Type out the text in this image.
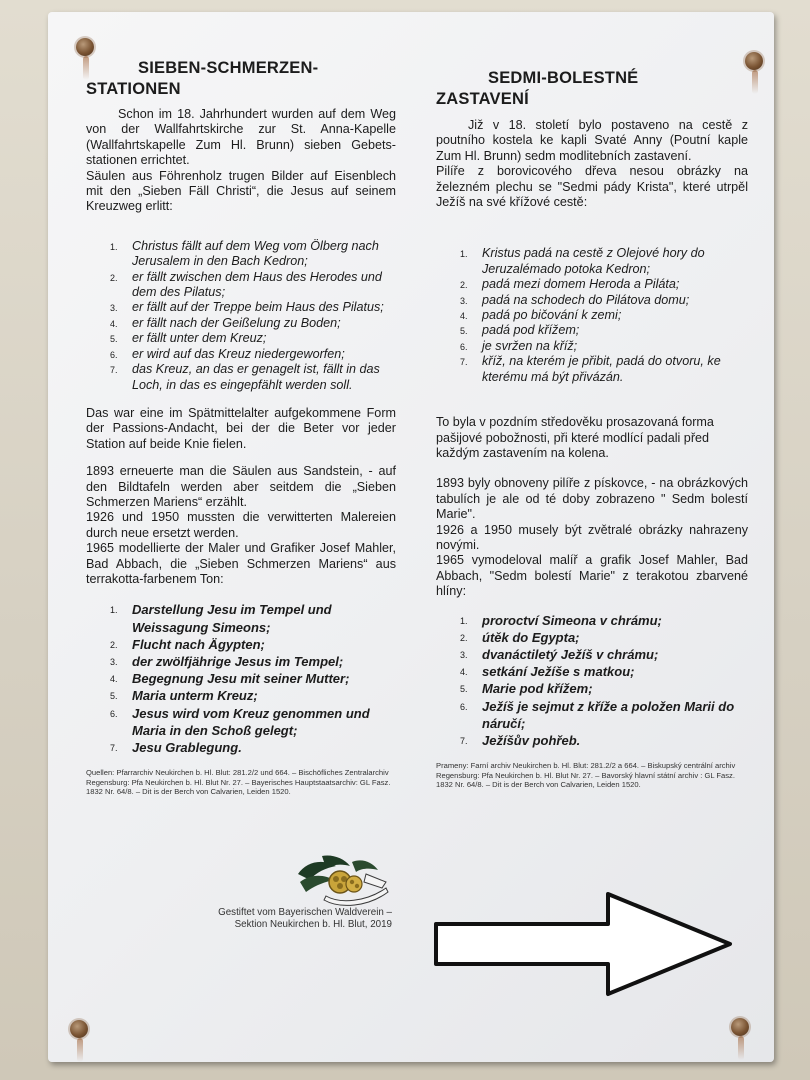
SIEBEN-SCHMERZEN-
STATIONEN

Schon im 18. Jahrhundert wurden auf dem Weg von der Wallfahrtskirche zur St. Anna-Kapelle (Wallfahrtskapelle Zum Hl. Brunn) sieben Gebets-stationen errichtet.

Säulen aus Föhrenholz trugen Bilder auf Eisenblech mit den „Sieben Fäll Christi“, die Jesus auf seinem Kreuzweg erlitt:

1. Christus fällt auf dem Weg vom Ölberg nach Jerusalem in den Bach Kedron;
2. er fällt zwischen dem Haus des Herodes und dem des Pilatus;
3. er fällt auf der Treppe beim Haus des Pilatus;
4. er fällt nach der Geißelung zu Boden;
5. er fällt unter dem Kreuz;
6. er wird auf das Kreuz niedergeworfen;
7. das Kreuz, an das er genagelt ist, fällt in das Loch, in das es eingepfählt werden soll.

Das war eine im Spätmittelalter aufgekommene Form der Passions-Andacht, bei der die Beter vor jeder Station auf beide Knie fielen.

1893 erneuerte man die Säulen aus Sandstein, - auf den Bildtafeln werden aber seitdem die „Sieben Schmerzen Mariens“ erzählt.

1926 und 1950 mussten die verwitterten Malereien durch neue ersetzt werden.

1965 modellierte der Maler und Grafiker Josef Mahler, Bad Abbach, die „Sieben Schmerzen Mariens“ aus terrakotta-farbenem Ton:

1. Darstellung Jesu im Tempel und Weissagung Simeons;
2. Flucht nach Ägypten;
3. der zwölfjährige Jesus im Tempel;
4. Begegnung Jesu mit seiner Mutter;
5. Maria unterm Kreuz;
6. Jesus wird vom Kreuz genommen und Maria in den Schoß gelegt;
7. Jesu Grablegung.

Quellen: Pfarrarchiv Neukirchen b. Hl. Blut: 281.2/2 und 664. – Bischöfliches Zentralarchiv Regensburg: Pfa Neukirchen b. Hl. Blut Nr. 27. – Bayerisches Hauptstaatsarchiv: GL Fasz. 1832 Nr. 64/8. – Dit is der Berch von Calvarien, Leiden 1520.

SEDMI-BOLESTNÉ
ZASTAVENÍ

Již v 18. století bylo postaveno na cestě z poutního kostela ke kapli Svaté Anny (Poutní kaple Zum Hl. Brunn) sedm modlitebních zastavení.

Pilíře z borovicového dřeva nesou obrázky na železném plechu se "Sedmi pády Krista", které utrpěl Ježíš na své křížové cestě:

1. Kristus padá na cestě z Olejové hory do Jeruzalémado potoka Kedron;
2. padá mezi domem Heroda a Piláta;
3. padá na schodech do Pilátova domu;
4. padá po bičování k zemi;
5. padá pod křížem;
6. je svržen na kříž;
7. kříž, na kterém je přibit, padá do otvoru, ke kterému má být přivázán.

To byla v pozdním středověku prosazovaná forma pašijové pobožnosti, při které modlící padali před každým zastavením na kolena.

1893 byly obnoveny pilíře z pískovce, - na obrázkových tabulích je ale od té doby zobrazeno " Sedm bolestí Marie".

1926 a 1950 musely být zvětralé obrázky nahrazeny novými.

1965 vymodeloval malíř a grafik Josef Mahler, Bad Abbach, "Sedm bolestí Marie" z terakotou zbarvené hlíny:

1. proroctví Simeona v chrámu;
2. útěk do Egypta;
3. dvanáctiletý Ježíš v chrámu;
4. setkání Ježíše s matkou;
5. Marie pod křížem;
6. Ježíš je sejmut z kříže a položen Marii do náručí;
7. Ježíšův pohřeb.

Prameny: Farní archiv Neukirchen b. Hl. Blut: 281.2/2 a 664. – Biskupský centrální archiv Regensburg: Pfa Neukirchen b. Hl. Blut Nr. 27. – Bavorský hlavní státní archiv : GL Fasz. 1832 Nr. 64/8. – Dit is der Berch von Calvarien, Leiden 1520.

Gestiftet vom Bayerischen Waldverein –
Sektion Neukirchen b. Hl. Blut, 2019
